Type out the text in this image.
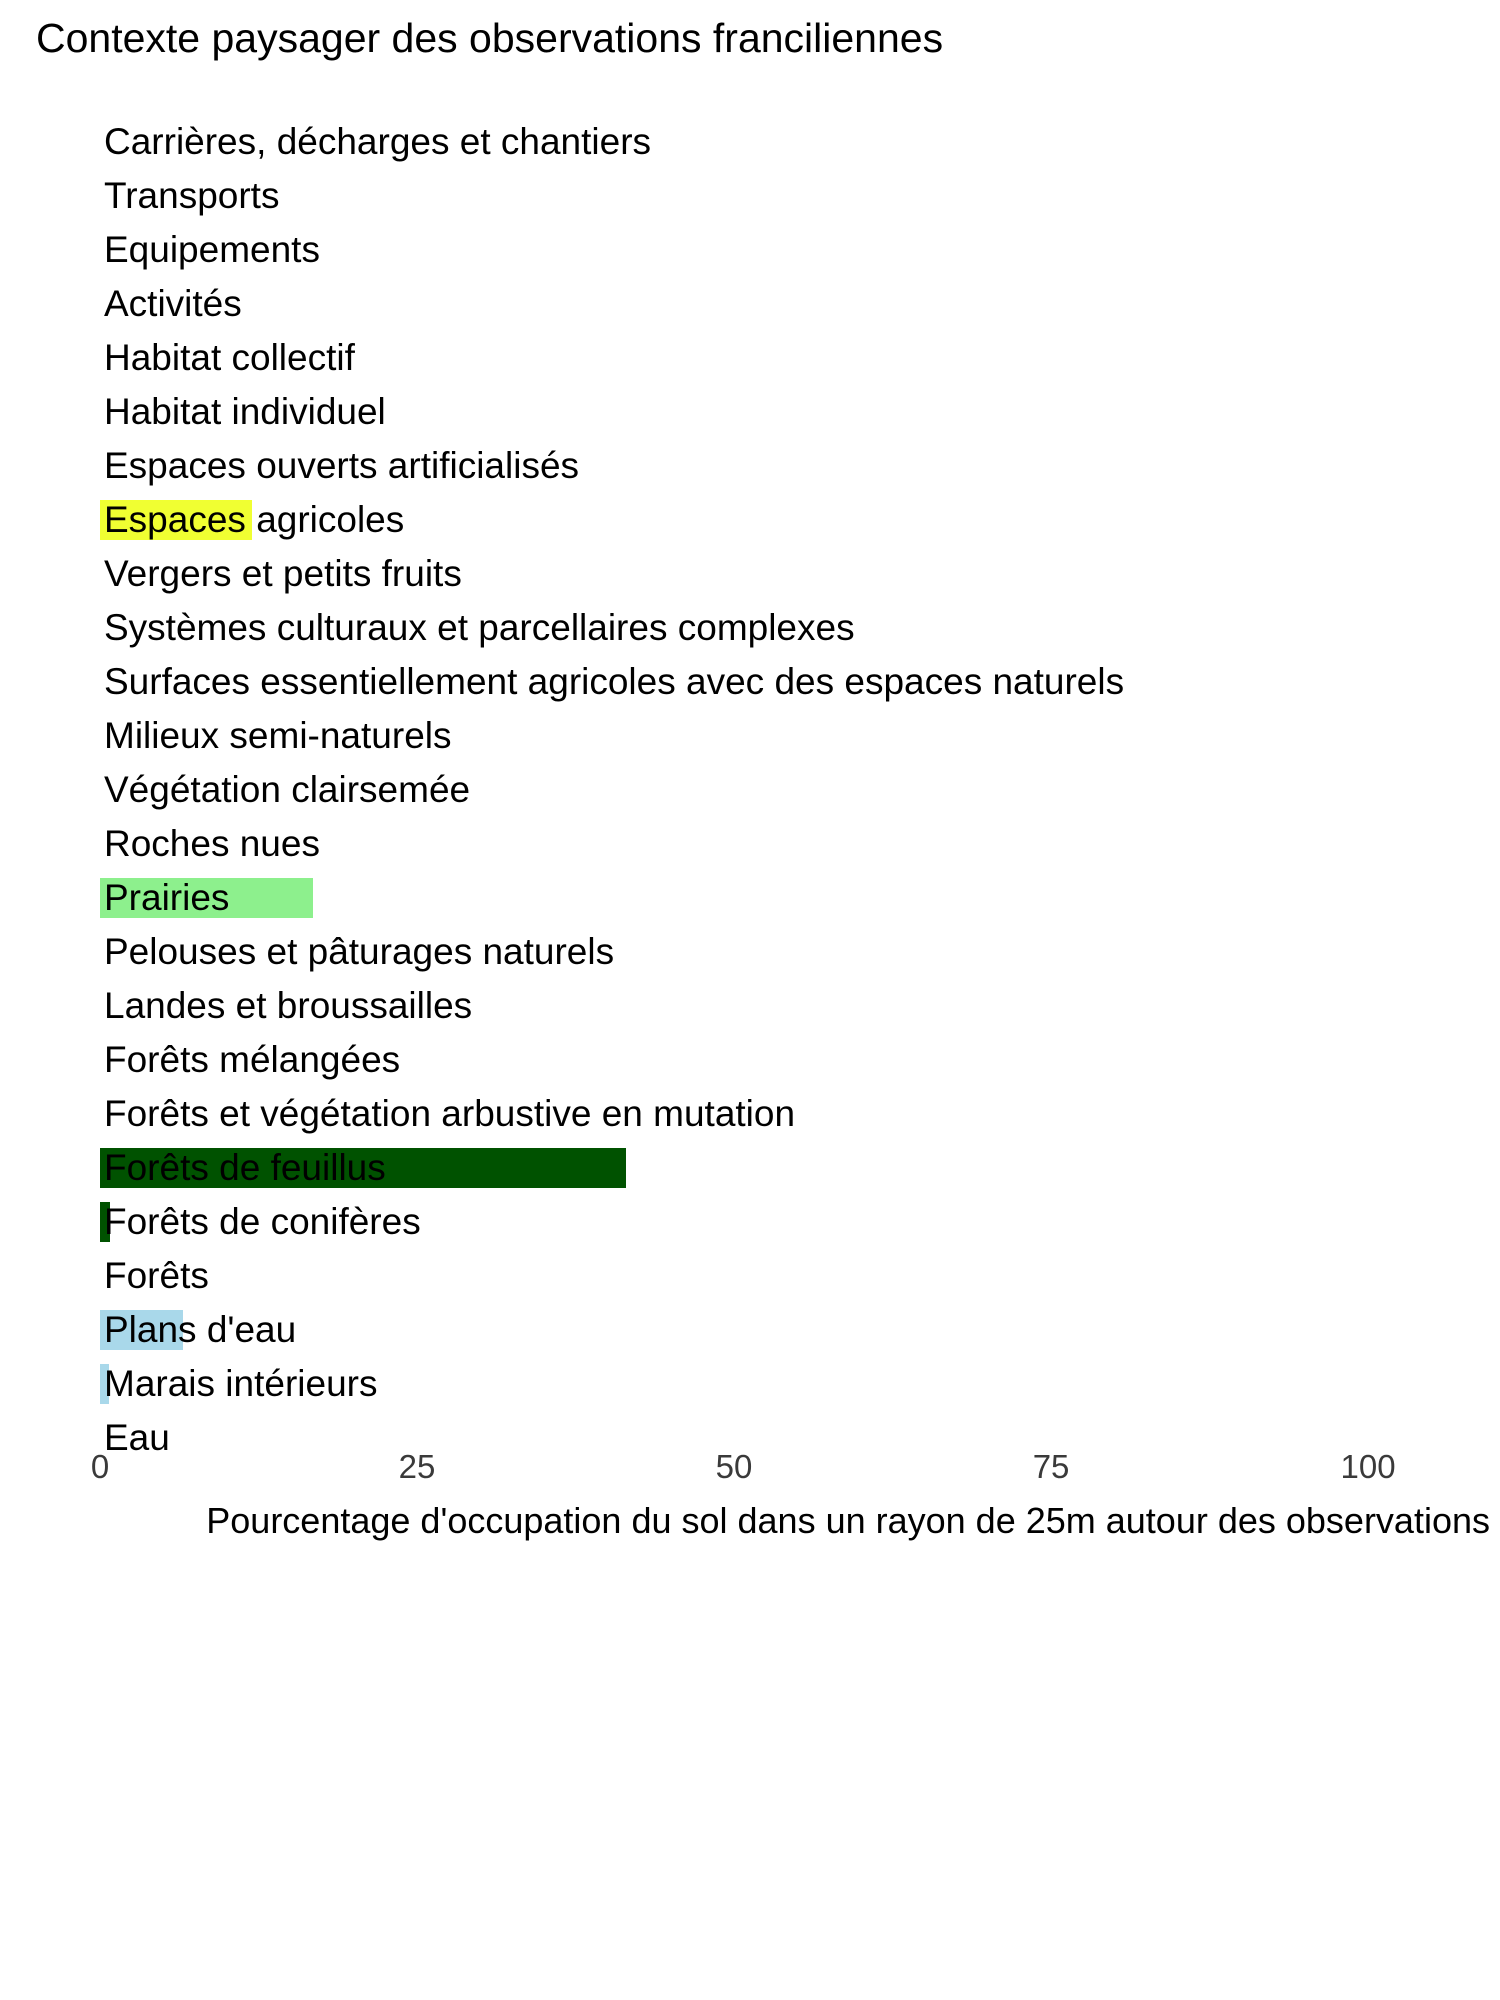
Contexte paysager des observations franciliennes
Carrières, décharges et chantiers
Transports
Equipements
Activités
Habitat collectif
Habitat individuel
Espaces ouverts artificialisés
Espaces agricoles
Vergers et petits fruits
Systèmes culturaux et parcellaires complexes
Surfaces essentiellement agricoles avec des espaces naturels
Milieux semi-naturels
Végétation clairsemée
Roches nues
Prairies
Pelouses et pâturages naturels
Landes et broussailles
Forêts mélangées
Forêts et végétation arbustive en mutation
Forêts de feuillus
Forêts de conifères
Forêts
Plans d'eau
Marais intérieurs
Eau
0	25	50	75	100
Pourcentage d'occupation du sol dans un rayon de 25m autour des observations
